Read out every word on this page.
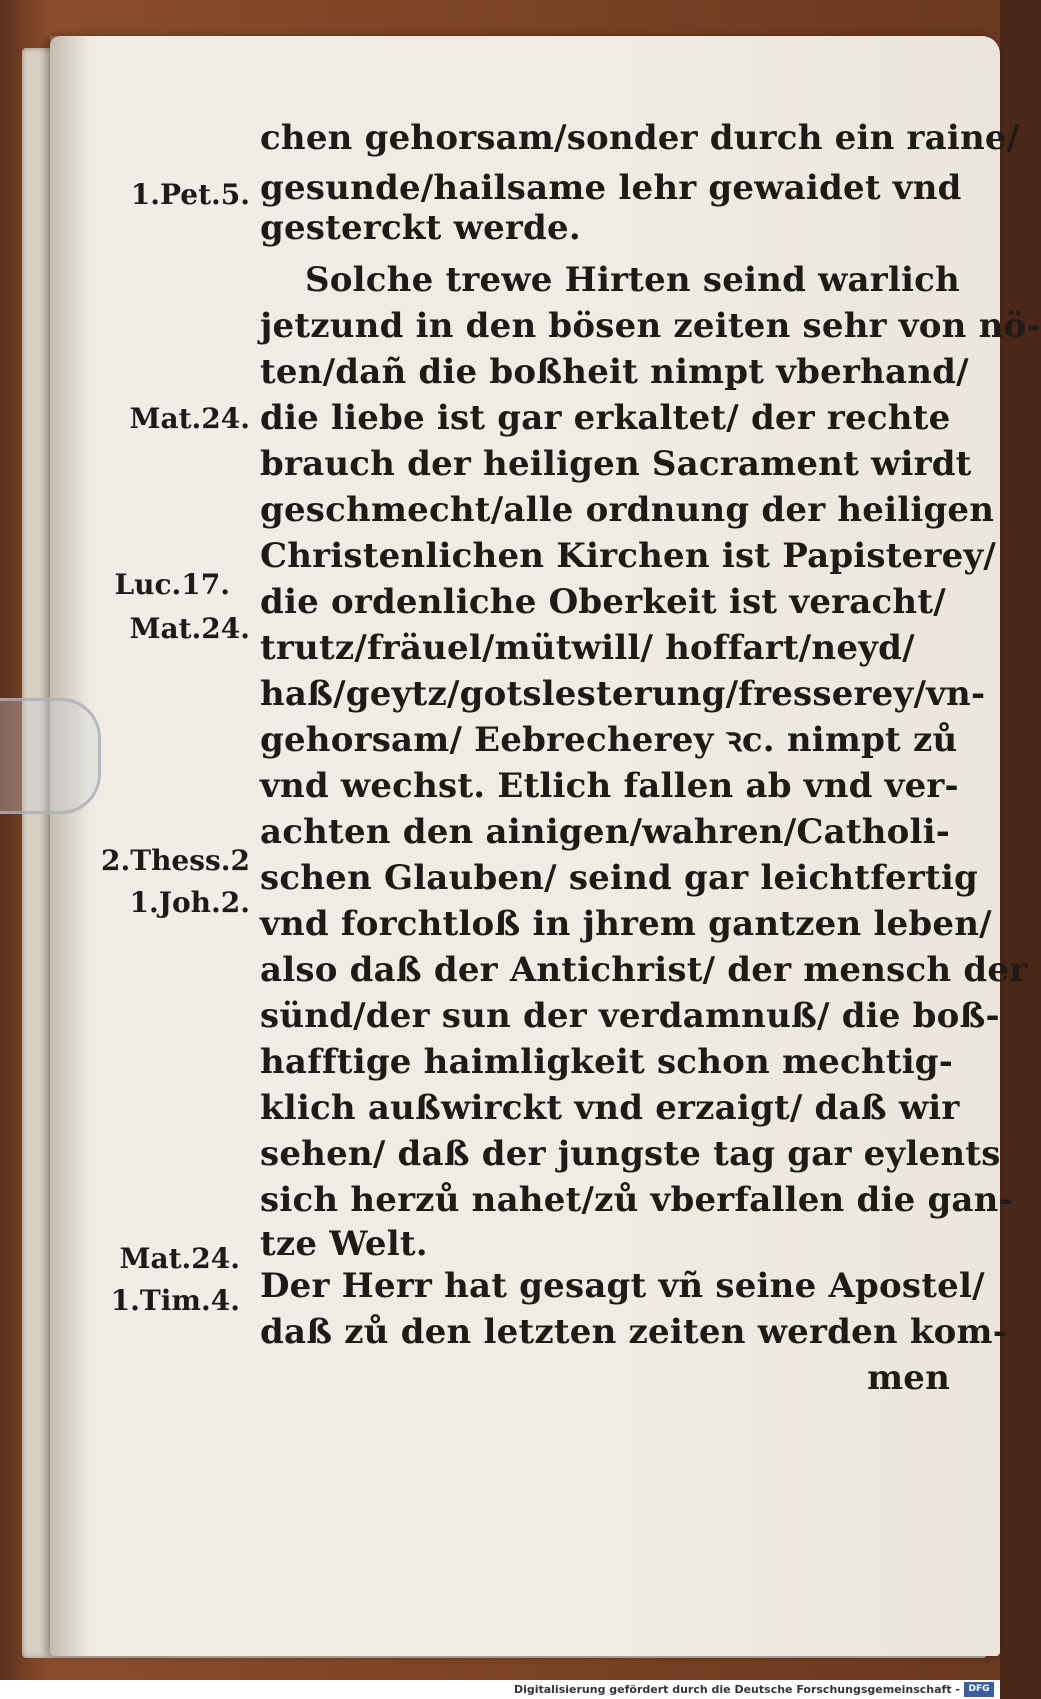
chen gehorsam/sonder durch ein raine/
gesunde/hailsame lehr gewaidet vnd
gesterckt werde.
Solche trewe Hirten seind warlich
jetzund in den bösen zeiten sehr von nö-
ten/dañ die boßheit nimpt vberhand/
die liebe ist gar erkaltet/ der rechte
brauch der heiligen Sacrament wirdt
geschmecht/alle ordnung der heiligen
Christenlichen Kirchen ist Papisterey/
die ordenliche Oberkeit ist veracht/
trutz/fräuel/mütwill/ hoffart/neyd/
haß/geytz/gotslesterung/fresserey/vn-
gehorsam/ Eebrecherey ꝛc. nimpt zů
vnd wechst. Etlich fallen ab vnd ver-
achten den ainigen/wahren/Catholi-
schen Glauben/ seind gar leichtfertig
vnd forchtloß in jhrem gantzen leben/
also daß der Antichrist/ der mensch der
sünd/der sun der verdamnuß/ die boß-
hafftige haimligkeit schon mechtig-
klich außwirckt vnd erzaigt/ daß wir
sehen/ daß der jungste tag gar eylents
sich herzů nahet/zů vberfallen die gan-
tze Welt.
Der Herr hat gesagt vñ seine Apostel/
daß zů den letzten zeiten werden kom-
men
1.Pet.5.
Mat.24.
Luc.17.
Mat.24.
2.Thess.2
1.Joh.2.
Mat.24.
1.Tim.4.
Digitalisierung gefördert durch die Deutsche Forschungsgemeinschaft - DFG
